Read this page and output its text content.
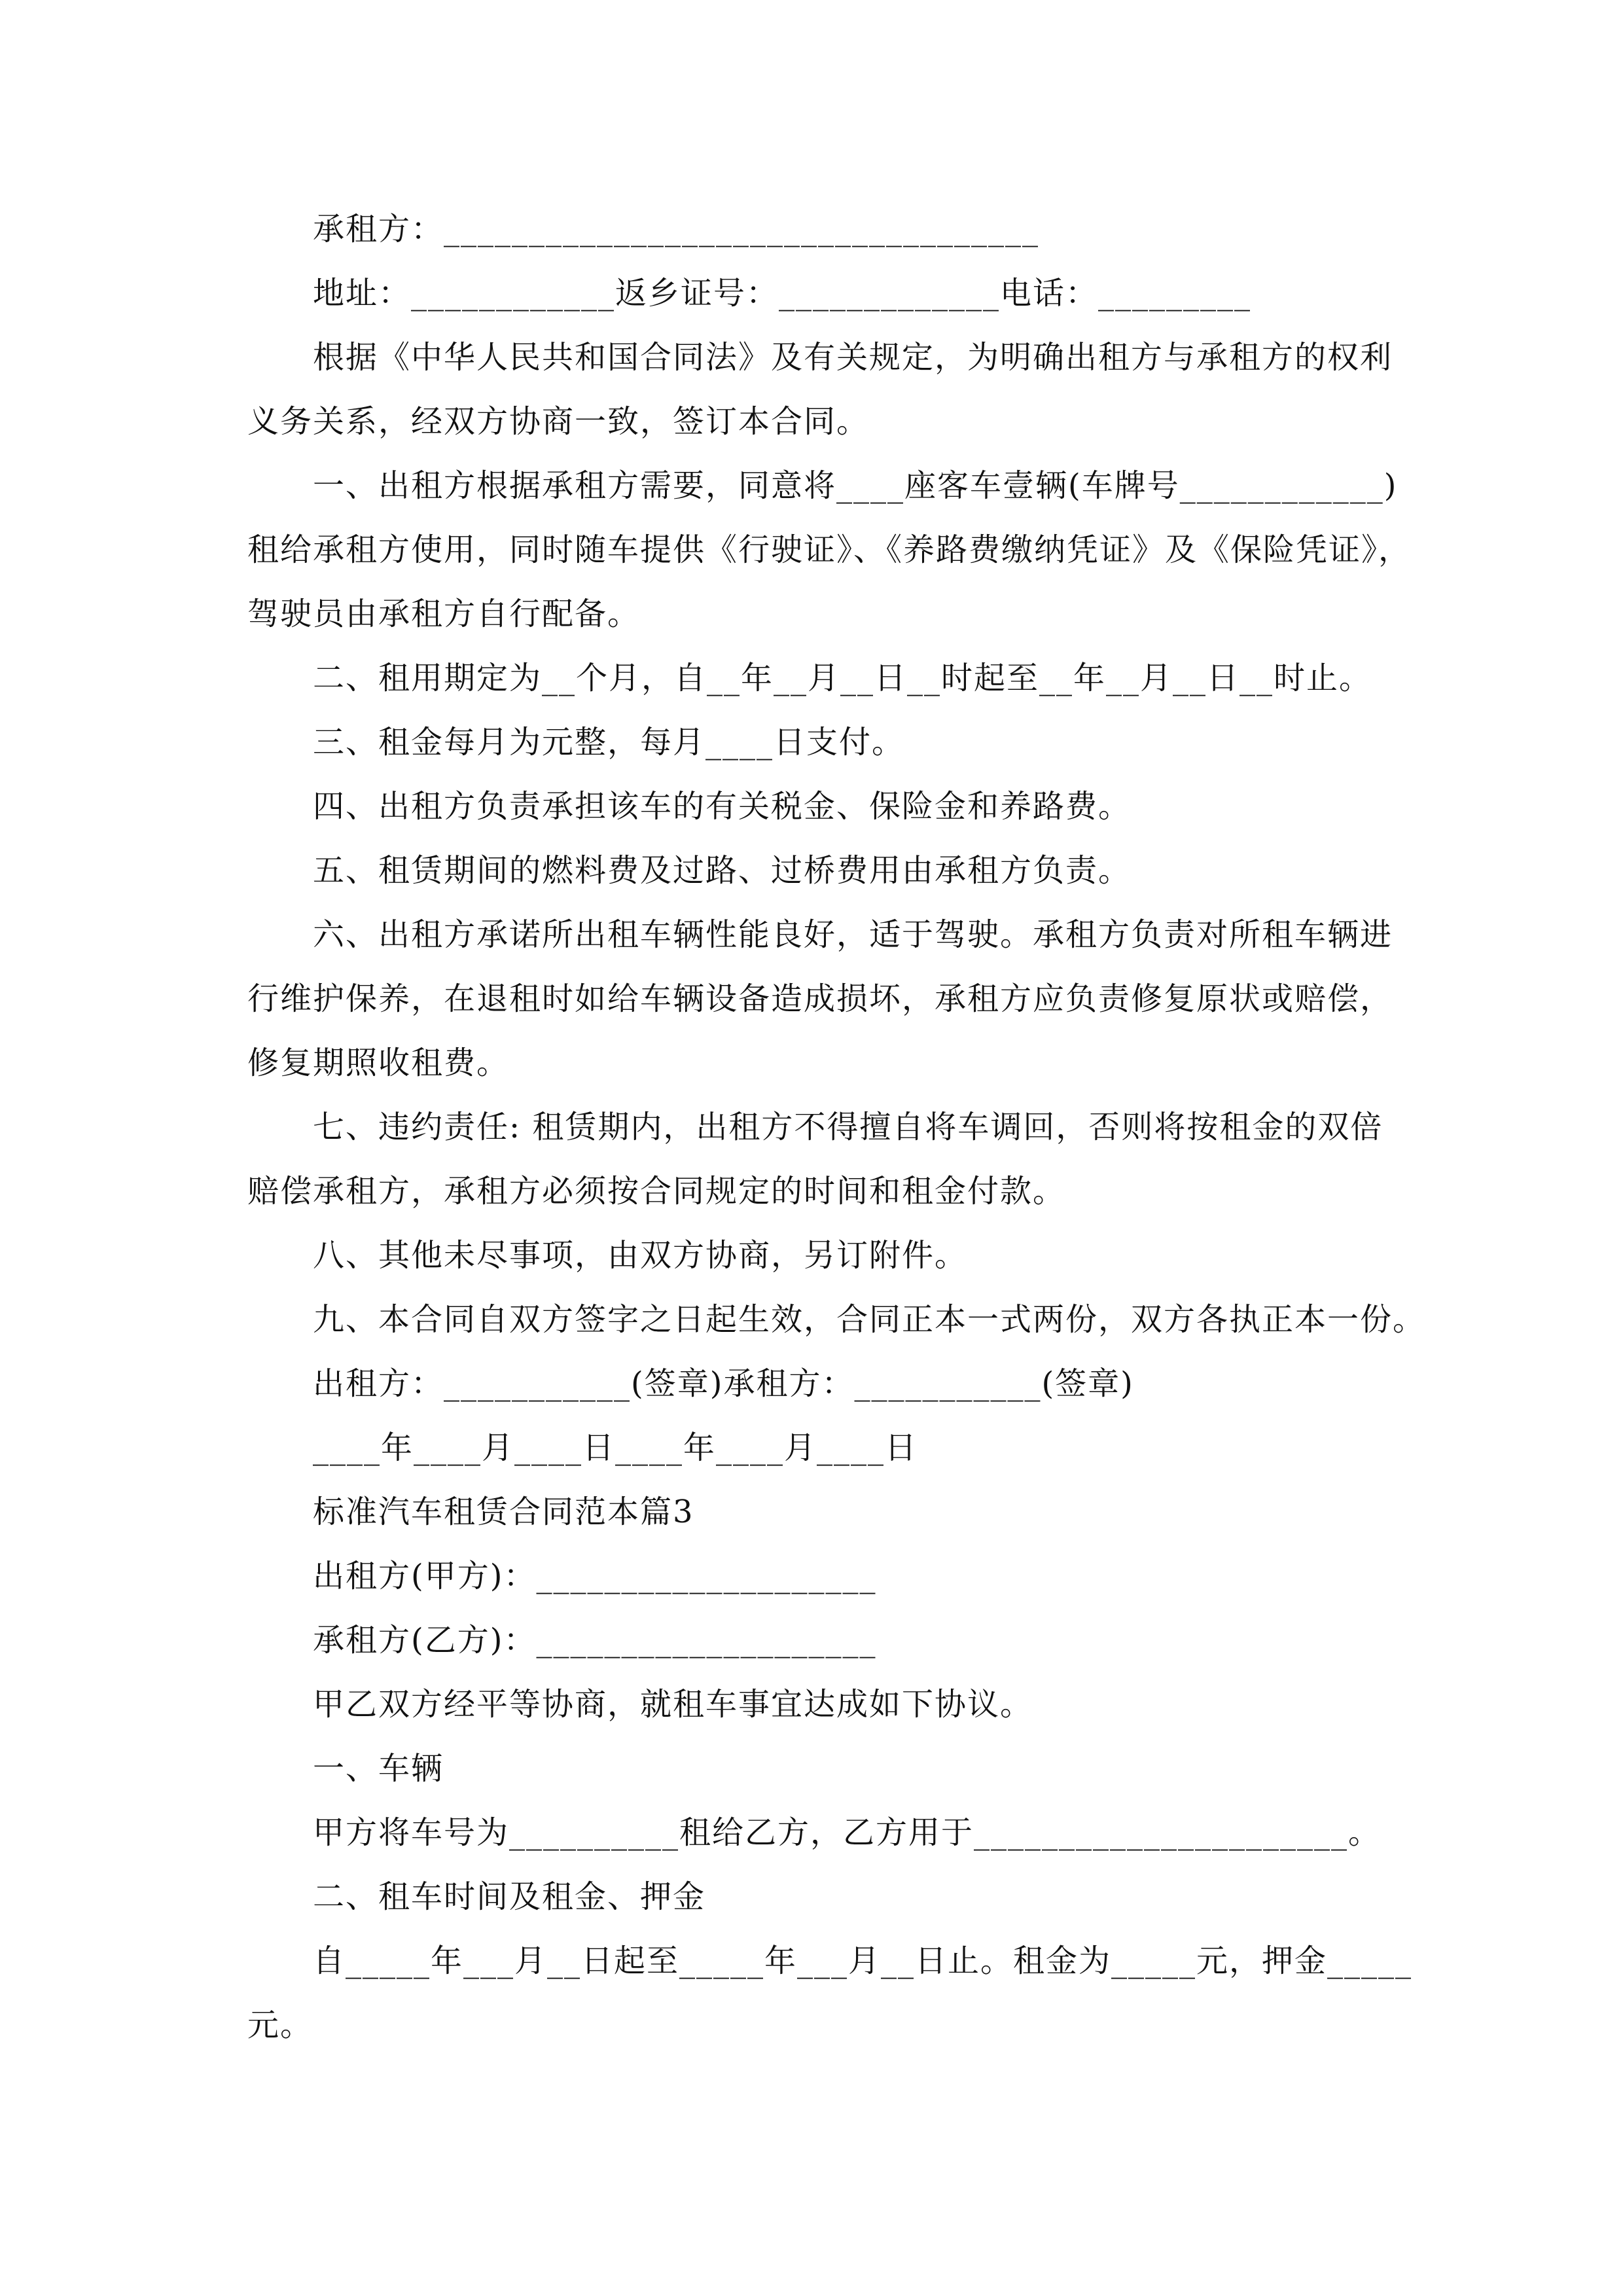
承租方：___________________________________
地址：____________返乡证号：_____________电话：_________
根据《中华人民共和国合同法》及有关规定，为明确出租方与承租方的权利
义务关系，经双方协商一致，签订本合同。
一、出租方根据承租方需要，同意将____座客车壹辆(车牌号____________)
租给承租方使用，同时随车提供《行驶证》、《养路费缴纳凭证》及《保险凭证》，
驾驶员由承租方自行配备。
二、租用期定为__个月，自__年__月__日__时起至__年__月__日__时止。
三、租金每月为元整，每月____日支付。
四、出租方负责承担该车的有关税金、保险金和养路费。
五、租赁期间的燃料费及过路、过桥费用由承租方负责。
六、出租方承诺所出租车辆性能良好，适于驾驶。承租方负责对所租车辆进
行维护保养，在退租时如给车辆设备造成损坏，承租方应负责修复原状或赔偿，
修复期照收租费。
七、违约责任: 租赁期内，出租方不得擅自将车调回，否则将按租金的双倍
赔偿承租方，承租方必须按合同规定的时间和租金付款。
八、其他未尽事项，由双方协商，另订附件。
九、本合同自双方签字之日起生效，合同正本一式两份，双方各执正本一份。
出租方：___________(签章)承租方：___________(签章)
____年____月____日____年____月____日
标准汽车租赁合同范本篇3
出租方(甲方)：____________________
承租方(乙方)：____________________
甲乙双方经平等协商，就租车事宜达成如下协议。
一、车辆
甲方将车号为__________租给乙方，乙方用于______________________。
二、租车时间及租金、押金
自_____年___月__日起至_____年___月__日止。租金为_____元，押金_____
元。
